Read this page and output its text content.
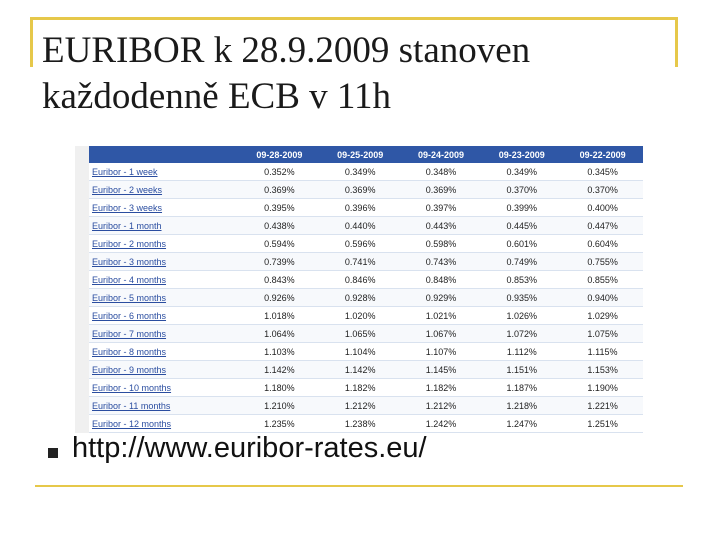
EURIBOR k 28.9.2009 stanoven
každodenně ECB v 11h
	09-28-2009	09-25-2009	09-24-2009	09-23-2009	09-22-2009
Euribor - 1 week	0.352%	0.349%	0.348%	0.349%	0.345%
Euribor - 2 weeks	0.369%	0.369%	0.369%	0.370%	0.370%
Euribor - 3 weeks	0.395%	0.396%	0.397%	0.399%	0.400%
Euribor - 1 month	0.438%	0.440%	0.443%	0.445%	0.447%
Euribor - 2 months	0.594%	0.596%	0.598%	0.601%	0.604%
Euribor - 3 months	0.739%	0.741%	0.743%	0.749%	0.755%
Euribor - 4 months	0.843%	0.846%	0.848%	0.853%	0.855%
Euribor - 5 months	0.926%	0.928%	0.929%	0.935%	0.940%
Euribor - 6 months	1.018%	1.020%	1.021%	1.026%	1.029%
Euribor - 7 months	1.064%	1.065%	1.067%	1.072%	1.075%
Euribor - 8 months	1.103%	1.104%	1.107%	1.112%	1.115%
Euribor - 9 months	1.142%	1.142%	1.145%	1.151%	1.153%
Euribor - 10 months	1.180%	1.182%	1.182%	1.187%	1.190%
Euribor - 11 months	1.210%	1.212%	1.212%	1.218%	1.221%
Euribor - 12 months	1.235%	1.238%	1.242%	1.247%	1.251%
http://www.euribor-rates.eu/
